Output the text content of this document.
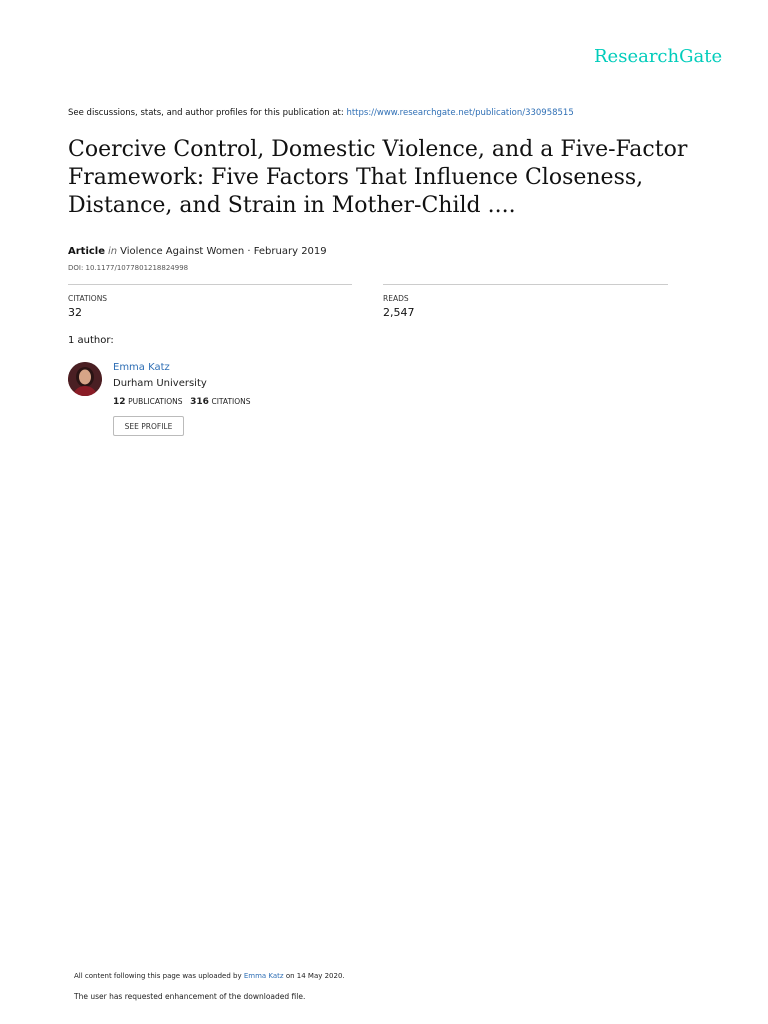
ResearchGate
See discussions, stats, and author profiles for this publication at: https://www.researchgate.net/publication/330958515
Coercive Control, Domestic Violence, and a Five-Factor Framework: Five Factors That Influence Closeness, Distance, and Strain in Mother-Child ....
Article in Violence Against Women · February 2019
DOI: 10.1177/1077801218824998
CITATIONS
32
READS
2,547
1 author:
Emma Katz
Durham University
12 PUBLICATIONS 316 CITATIONS
SEE PROFILE
All content following this page was uploaded by Emma Katz on 14 May 2020.
The user has requested enhancement of the downloaded file.
